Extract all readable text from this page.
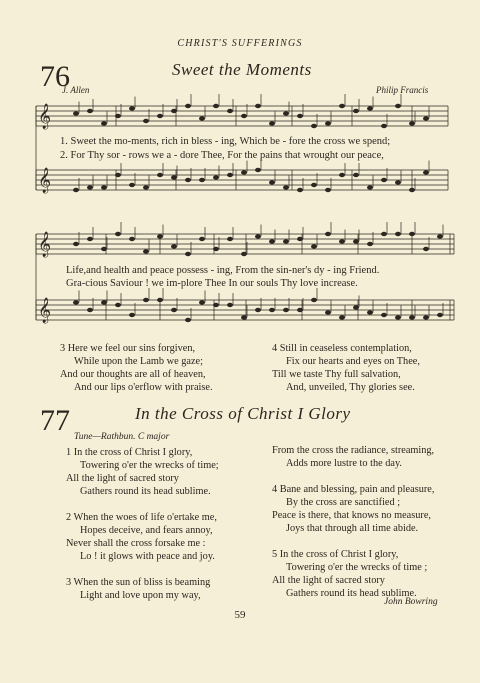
CHRIST'S SUFFERINGS
76	Sweet the Moments
J. Allen	Philip Francis
𝄞
𝄞
𝄞
𝄞
1. Sweet the mo-ments, rich in bless - ing, Which be - fore the cross we spend;
2. For Thy sor - rows we a - dore Thee, For the pains that wrought our peace,
Life,and health and peace possess - ing, From the sin-ner's dy - ing Friend.
Gra-cious Saviour ! we im-plore Thee In our souls Thy love increase.
3 Here we feel our sins forgiven,
While upon the Lamb we gaze;
And our thoughts are all of heaven,
And our lips o'erflow with praise.
4 Still in ceaseless contemplation,
Fix our hearts and eyes on Thee,
Till we taste Thy full salvation,
And, unveiled, Thy glories see.
77	In the Cross of Christ I Glory
Tune—Rathbun. C major
1 In the cross of Christ I glory,
Towering o'er the wrecks of time;
All the light of sacred story
Gathers round its head sublime.

2 When the woes of life o'ertake me,
Hopes deceive, and fears annoy,
Never shall the cross forsake me :
Lo ! it glows with peace and joy.

3 When the sun of bliss is beaming
Light and love upon my way,
From the cross the radiance, streaming,
Adds more lustre to the day.

4 Bane and blessing, pain and pleasure,
By the cross are sanctified ;
Peace is there, that knows no measure,
Joys that through all time abide.

5 In the cross of Christ I glory,
Towering o'er the wrecks of time ;
All the light of sacred story
Gathers round its head sublime.
John Bowring
59
